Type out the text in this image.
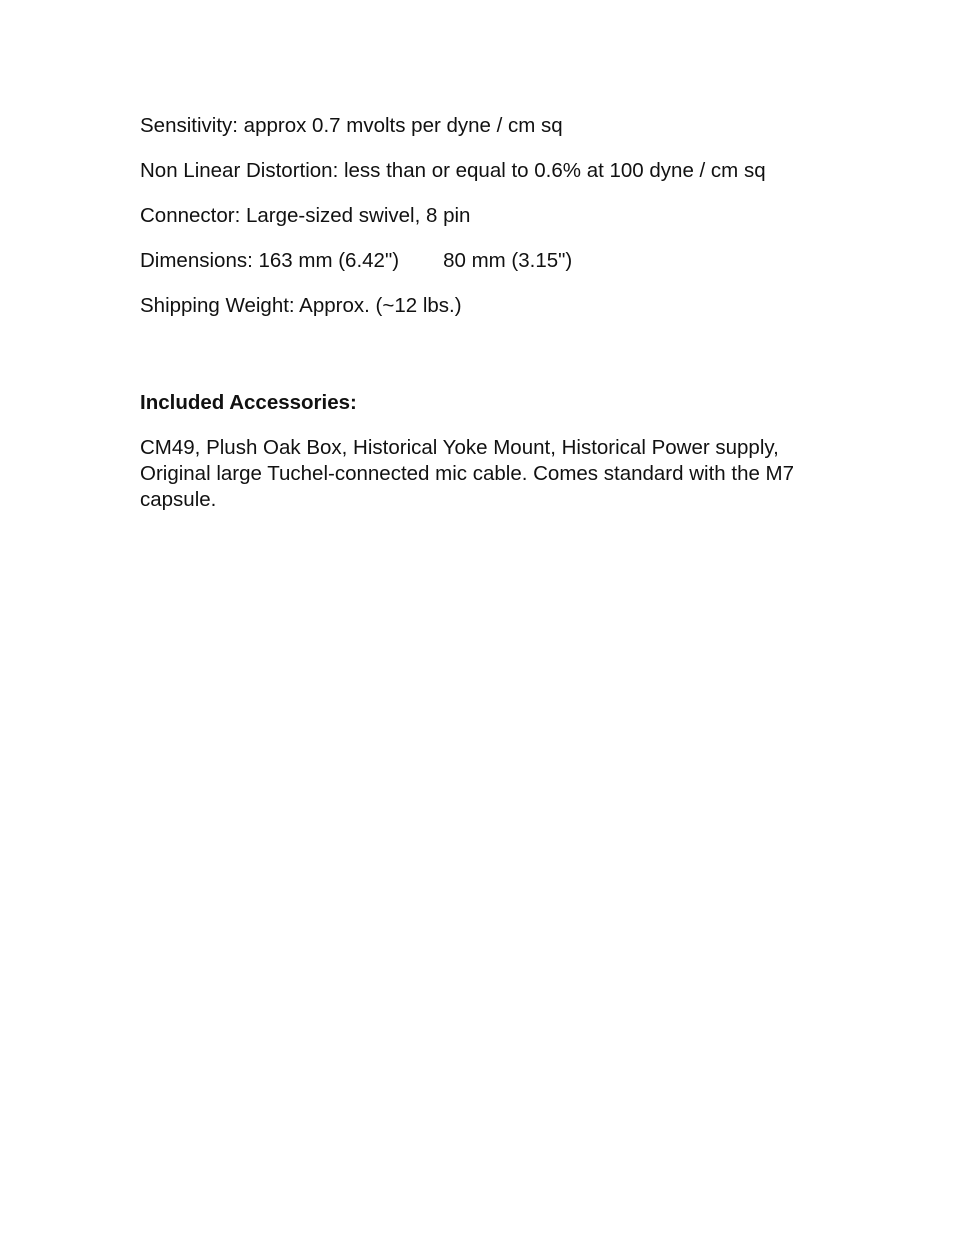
Sensitivity: approx 0.7 mvolts per dyne / cm sq

Non Linear Distortion: less than or equal to 0.6% at 100 dyne / cm sq

Connector: Large-sized swivel, 8 pin

Dimensions: 163 mm (6.42") 80 mm (3.15")

Shipping Weight: Approx. (~12 lbs.)

Included Accessories:

CM49, Plush Oak Box, Historical Yoke Mount, Historical Power supply, Original large Tuchel-connected mic cable. Comes standard with the M7 capsule.
